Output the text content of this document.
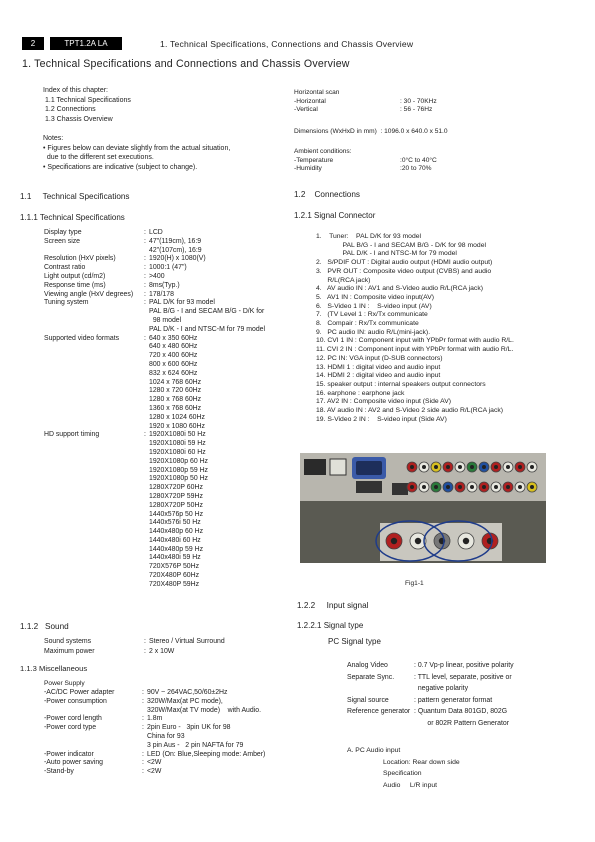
2	TPT1.2A LA	1. Technical Specifications, Connections and Chassis Overview
1. Technical Specifications and Connections and Chassis Overview
Index of this chapter:
1.1 Technical Specifications
1.2 Connections
1.3 Chassis Overview
Notes:
• Figures below can deviate slightly from the actual situation,
due to the different set executions.
• Specifications are indicative (subject to change).
1.1     Technical Specifications
1.1.1 Technical Specifications
Display type	: LCD
Screen size	: 47"(119cm), 16:9
42"(107cm), 16:9
Resolution (HxV pixels)	: 1920(H) x 1080(V)
Contrast ratio	: 1000:1 (47")
Light output (cd/m2)	: >400
Response time (ms)	: 8ms(Typ.)
Viewing angle (HxV degrees)	: 178/178
Tuning system	: PAL D/K for 93 model
PAL B/G - I and SECAM B/G - D/K for
98 model
PAL D/K - I and NTSC-M for 79 model
Supported video formats	: 640 x 350 60Hz
640 x 480 60Hz
720 x 400 60Hz
800 x 600 60Hz
832 x 624 60Hz
1024 x 768 60Hz
1280 x 720 60Hz
1280 x 768 60Hz
1360 x 768 60Hz
1280 x 1024 60Hz
1920 x 1080 60Hz
HD support timing	: 1920X1080i 50 Hz
1920X1080i 59 Hz
1920X1080i 60 Hz
1920X1080p 60 Hz
1920X1080p 59 Hz
1920X1080p 50 Hz
1280X720P 60Hz
1280X720P 59Hz
1280X720P 50Hz
1440x576p 50 Hz
1440x576i 50 Hz
1440x480p 60 Hz
1440x480i 60 Hz
1440x480p 59 Hz
1440x480i 59 Hz
720X576P 50Hz
720X480P 60Hz
720X480P 59Hz
1.1.2   Sound
Sound systems	: Stereo / Virtual Surround
Maximum power	: 2 x 10W
1.1.3 Miscellaneous
Power Supply
-AC/DC Power adapter	: 90V ~ 264VAC,50/60±2Hz
-Power consumption	: 320W/Max(at PC mode),
320W/Max(at TV mode)    with Audio.
-Power cord length	: 1.8m
-Power cord type	: 2pin Euro -   3pin UK for 98
China for 93
3 pin Aus -   2 pin NAFTA for 79
-Power indicator	: LED (On: Blue,Sleeping mode: Amber)
-Auto power saving	: <2W
-Stand-by	: <2W
Horizontal scan
-Horizontal	: 30 - 70KHz
-Vertical	: 56 - 76Hz
Dimensions (WxHxD in mm)  : 1096.0 x 640.0 x 51.0
Ambient conditions:
-Temperature	:0°C to 40°C
-Humidity	:20 to 70%
1.2    Connections
1.2.1 Signal Connector
1.    Tuner:    PAL D/K for 93 model
PAL B/G - I and SECAM B/G - D/K for 98 model
PAL D/K - I and NTSC-M for 79 model
2.   S/PDIF OUT : Digital audio output (HDMI audio output)
3.   PVR OUT : Composite video output (CVBS) and audio
R/L(RCA jack)
4.   AV audio IN : AV1 and S-Video audio R/L(RCA jack)
5.   AV1 IN : Composite video input(AV)
6.   S-Video 1 IN :    S-video input (AV)
7.   (TV Level 1 : Rx/Tx communicate
8.   Compair : Rx/Tx communicate
9.   PC audio IN: audio R/L(mini-jack).
10. CVI 1 IN : Component input with YPbPr format with audio R/L.
11. CVI 2 IN : Component input with YPbPr format with audio R/L.
12. PC IN: VGA input (D-SUB connectors)
13. HDMI 1 : digital video and audio input
14. HDMI 2 : digital video and audio input
15. speaker output : internal speakers output connectors
16. earphone : earphone jack
17. AV2 IN : Composite video input (Side AV)
18. AV audio IN : AV2 and S-Video 2 side audio R/L(RCA jack)
19. S-Video 2 IN :    S-video input (Side AV)
Fig1-1
1.2.2     Input signal
1.2.2.1 Signal type
PC Signal type
Analog Video	: 0.7 Vp-p linear, positive polarity
Separate Sync.	: TTL level, separate, positive or
negative polarity
Signal source	: pattern generator format
Reference generator : Quantum Data 801GD, 802G
or 802R Pattern Generator
A. PC Audio input
Location: Rear down side
Specification
Audio     L/R input
